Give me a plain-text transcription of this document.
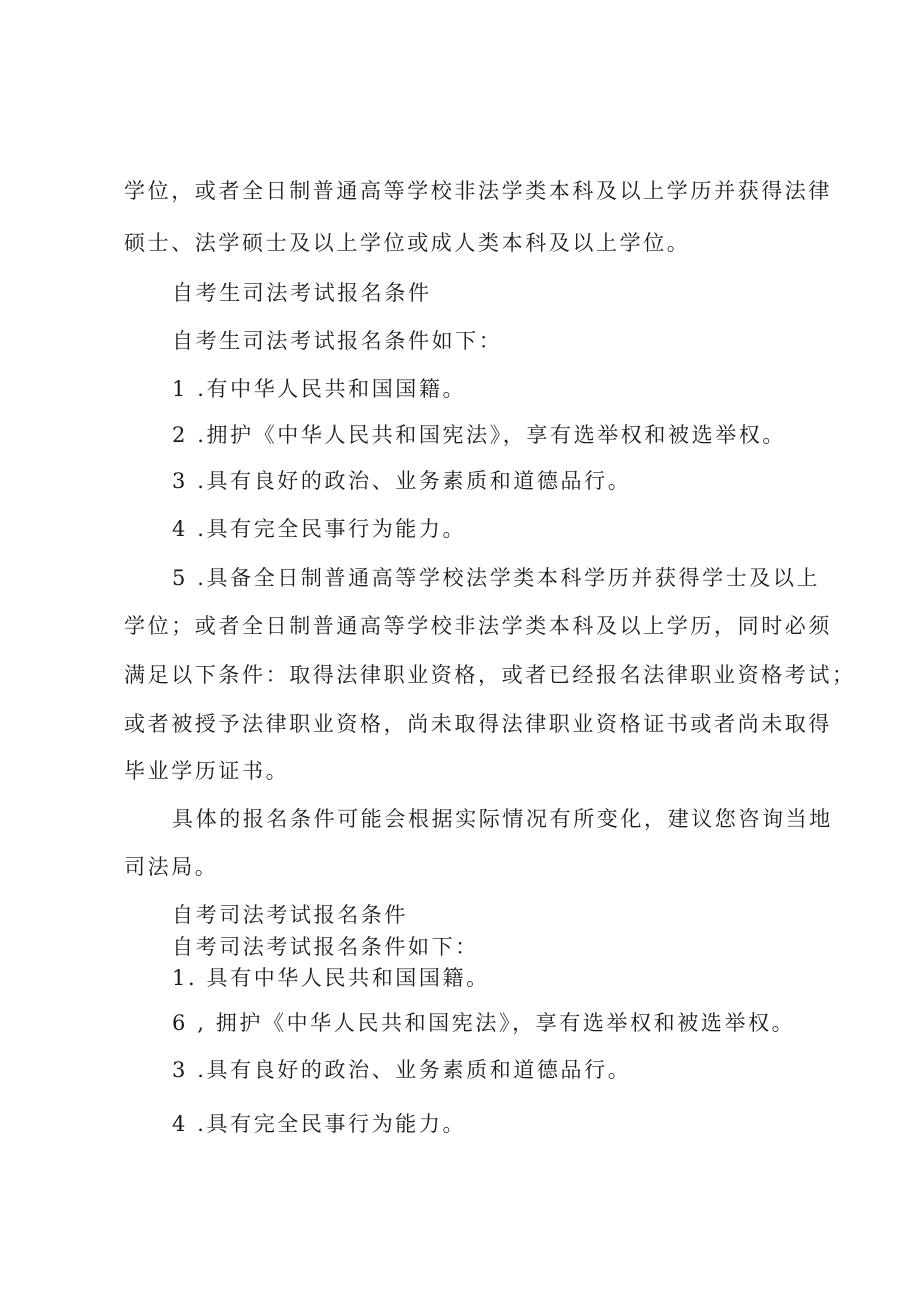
学位，或者全日制普通高等学校非法学类本科及以上学历并获得法律

硕士、法学硕士及以上学位或成人类本科及以上学位。

自考生司法考试报名条件

自考生司法考试报名条件如下：

1 .有中华人民共和国国籍。

2 .拥护《中华人民共和国宪法》，享有选举权和被选举权。

3 .具有良好的政治、业务素质和道德品行。

4 .具有完全民事行为能力。

5 .具备全日制普通高等学校法学类本科学历并获得学士及以上

学位；或者全日制普通高等学校非法学类本科及以上学历，同时必须

满足以下条件：取得法律职业资格，或者已经报名法律职业资格考试；

或者被授予法律职业资格，尚未取得法律职业资格证书或者尚未取得

毕业学历证书。

具体的报名条件可能会根据实际情况有所变化，建议您咨询当地

司法局。

自考司法考试报名条件

自考司法考试报名条件如下：

1. 具有中华人民共和国国籍。

6 , 拥护《中华人民共和国宪法》，享有选举权和被选举权。

3 .具有良好的政治、业务素质和道德品行。

4 .具有完全民事行为能力。
